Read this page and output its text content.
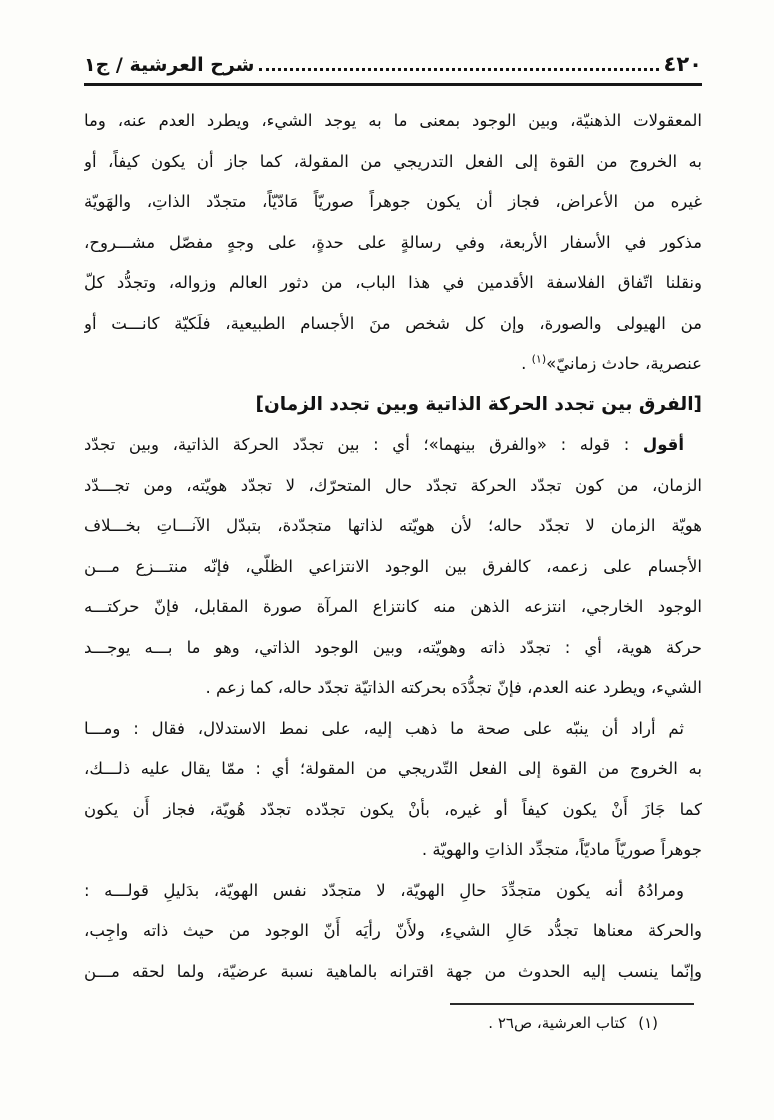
٤٢٠
شرح العرشية / ج١
المعقولات الذهنيّة، وبين الوجود بمعنى ما به يوجد الشيء، ويطرد العدم عنه، وما
به الخروج من القوة إلى الفعل التدريجي من المقولة، كما جاز أن يكون كيفاً، أو
غيره من الأعراض، فجاز أن يكون جوهراً صوريّاً مَادّيّاً، متجدّد الذاتِ، والهَويّة
مذكور في الأسفار الأربعة، وفي رسالةٍ على حدةٍ، على وجهٍ مفصّل مشـــروح،
ونقلنا اتّفاق الفلاسفة الأقدمين في هذا الباب، من دثور العالم وزواله، وتجدُّد كلّ
من الهيولى والصورة، وإن كل شخص منَ الأجسام الطبيعية، فلَكيّة كانـــت أو
عنصرية، حادث زمانيّ»$^{(١)}$ .
[الفرق بين تجدد الحركة الذاتية وبين تجدد الزمان]
أقول : قوله : «والفرق بينهما»؛ أي : بين تجدّد الحركة الذاتية، وبين تجدّد
الزمان، من كون تجدّد الحركة تجدّد حال المتحرّك، لا تجدّد هويّته، ومن تجـــدّد
هويّة الزمان لا تجدّد حاله؛ لأن هويّته لذاتها متجدّدة، بتبدّل الآنـــاتِ بخـــلاف
الأجسام على زعمه، كالفرق بين الوجود الانتزاعي الظلّي، فإنّه منتـــزع مـــن
الوجود الخارجي، انتزعه الذهن منه كانتزاع المرآة صورة المقابل، فإنّ حركتـــه
حركة هوية، أي : تجدّد ذاته وهويّته، وبين الوجود الذاتي، وهو ما بـــه يوجـــد
الشيء، ويطرد عنه العدم، فإنّ تجدُّدَه بحركته الذاتيّة تجدّد حاله، كما زعم .
ثم أراد أن ينبّه على صحة ما ذهب إليه، على نمط الاستدلال، فقال : ومـــا
به الخروج من القوة إلى الفعل التّدريجي من المقولة؛ أي : ممّا يقال عليه ذلـــك،
كما جَازَ أَنْ يكون كيفاً أو غيره، بأنْ يكون تجدّده تجدّد هُويّة، فجاز أَن يكون
جوهراً صوريّاً ماديّاً، متجدِّد الذاتِ والهويّة .
ومرادُهُ أنه يكون متجدِّدَ حالِ الهويّة، لا متجدّد نفس الهويّة، بدَليلِ قولـــه :
والحركة معناها تجدُّد حَالِ الشيءِ، ولأَنّ رأيَه أَنّ الوجود من حيث ذاته واجِب،
وإنّما ينسب إليه الحدوث من جهة اقترانه بالماهية نسبة عرضيّة، ولما لحقه مـــن
(١)كتاب العرشية، ص٢٦ .
